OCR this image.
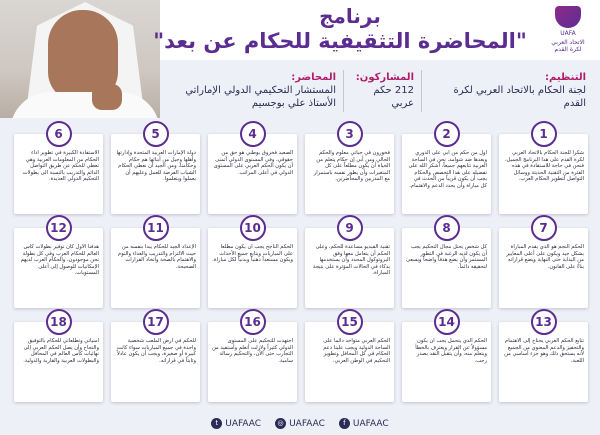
UAFA
الاتحاد العربي لكرة القدم
برنامج
"المحاضرة التثقيفية للحكام عن بعد"
التنظيم:
لجنة الحكام بالاتحاد العربي لكرة القدم
المشاركون:
212 حكم عربي
المحاضر:
المستشار التحكيمي الدولي الإماراتي الأستاذ علي بوجسيم
1
شكراً للجنة الحكام بالاتحاد العربي لكرة القدم على هذا البرنامج الجميل، فنحن في حاجة للاستفادة في هذه الفترة من التقنية الحديثة ووسائل التواصل لتطوير الحكام العرب.
2
أول من حكم من أبي على الدوري وبعدها ضد شوامد، نحن في الساحة العربية نتابعهم جميعاً، أشكر الله على تفضيله على هذا التخصص والحكام يجب أن يكون قريباً من الحدث في كل مباراة وأن يحدد الدعم والاهتمام.
3
فخورون في حياتي معلوم والحكم الحالي ومن أبي إن حكام يتعلم من الحياة أن يكون مطلعاً على كل المتغيرات وأن يطور نفسه باستمرار مع المدربين والمحاضرين.
4
الصعيد فخروق بوطني هو حق من حقوقي، وفي المستوى الدولي أتمنى أن يكون الحكم العربي على المستوى الدولي في أعلى المراتب.
5
دولة الإمارات العربية المتحدة وإدارتها وأهلها وجيل من أبنائها هم حكام وحكامنا، ومن الجيد أن نعطي الحكام الشباب الفرصة للعمل وعليهم أن يعملوا ويتعلموا.
6
الاستفادة الكبيرة في تطوير أداء الحكام من المعلومات العربية وهي تعطي للحكم عن طريق التواصل الدائم والتدريب بالنسبة الى بطولات التحكيم الدولي العديدة.
7
الحكم النجم هو الذي يقدم المباراة بشكل جيد ويكون على أعلى المعايير من البداية حتى النهاية ويضع قراراته بناءً على القانون.
8
كل شخص يحتل مجال التحكيم يجب أن يكون لديه الرغبة في التطور المستمر وأن يضع هدفاً واضحاً ويسعى لتحقيقه دائماً.
9
تقنية الفيديو مساعدة للحكم، وعلى الحكم أن يتعامل معها وفق البروتوكول المحدد وأن يستخدمها بذكاء في الحالات المؤثرة على نتيجة المباراة.
10
الحكم الناجح يجب أن يكون مطلعاً على المباريات ويتابع جميع الأحداث ويكون مستعداً ذهنياً وبدنياً لكل مباراة.
11
الإعداد الجيد للحكام يبدأ بنفسه من حيث الالتزام والتدريب والغذاء والنوم والاهتمام بالصحة واتخاذ القرارات الصحيحة.
12
هدفنا الأول كان توفير بطولات كأس العالم للحكام العرب وفي كل بطولة نحن موجودون، والحكام العرب لديهم الإمكانيات للوصول إلى أعلى المستويات.
13
نتابع الحكم العربي يحتاج إلى الاهتمام والتحفيز والدعم المعنوي من الجميع لأنه يستحق ذلك وهو جزء أساسي من اللعبة.
14
الحكم الذي يتحمل يجب أن يكون مسؤولاً عن القرار ويعترف بالخطأ ويتعلم منه، وأن يتقبل النقد بصدر رحب.
15
الحكم العربي متواجد دائماً على الساحة الدولية ويجب علينا دعم الحكام في كل المحافل وتطوير التحكيم في الوطن العربي.
16
اجتهدت للتحكيم على المستوى الدولي كثيراً ولازلت أتعلم وأستفيد من التجارب حتى الآن، والتحكيم رسالة سامية.
17
للحكم في أرض الملعب شخصية واحدة في جميع المباريات سواء كانت كبيرة أو صغيرة، ويجب أن يكون عادلاً وثابتاً في قراراته.
18
أمنياتي وتطلعاتي للحكام بالتوفيق والنجاح وأن يصل الحكم العربي إلى نهائيات كأس العالم في المحافل والبطولات العربية والقارية والدولية.
t UAFAAC	◎ UAFAAC	f UAFAAC
